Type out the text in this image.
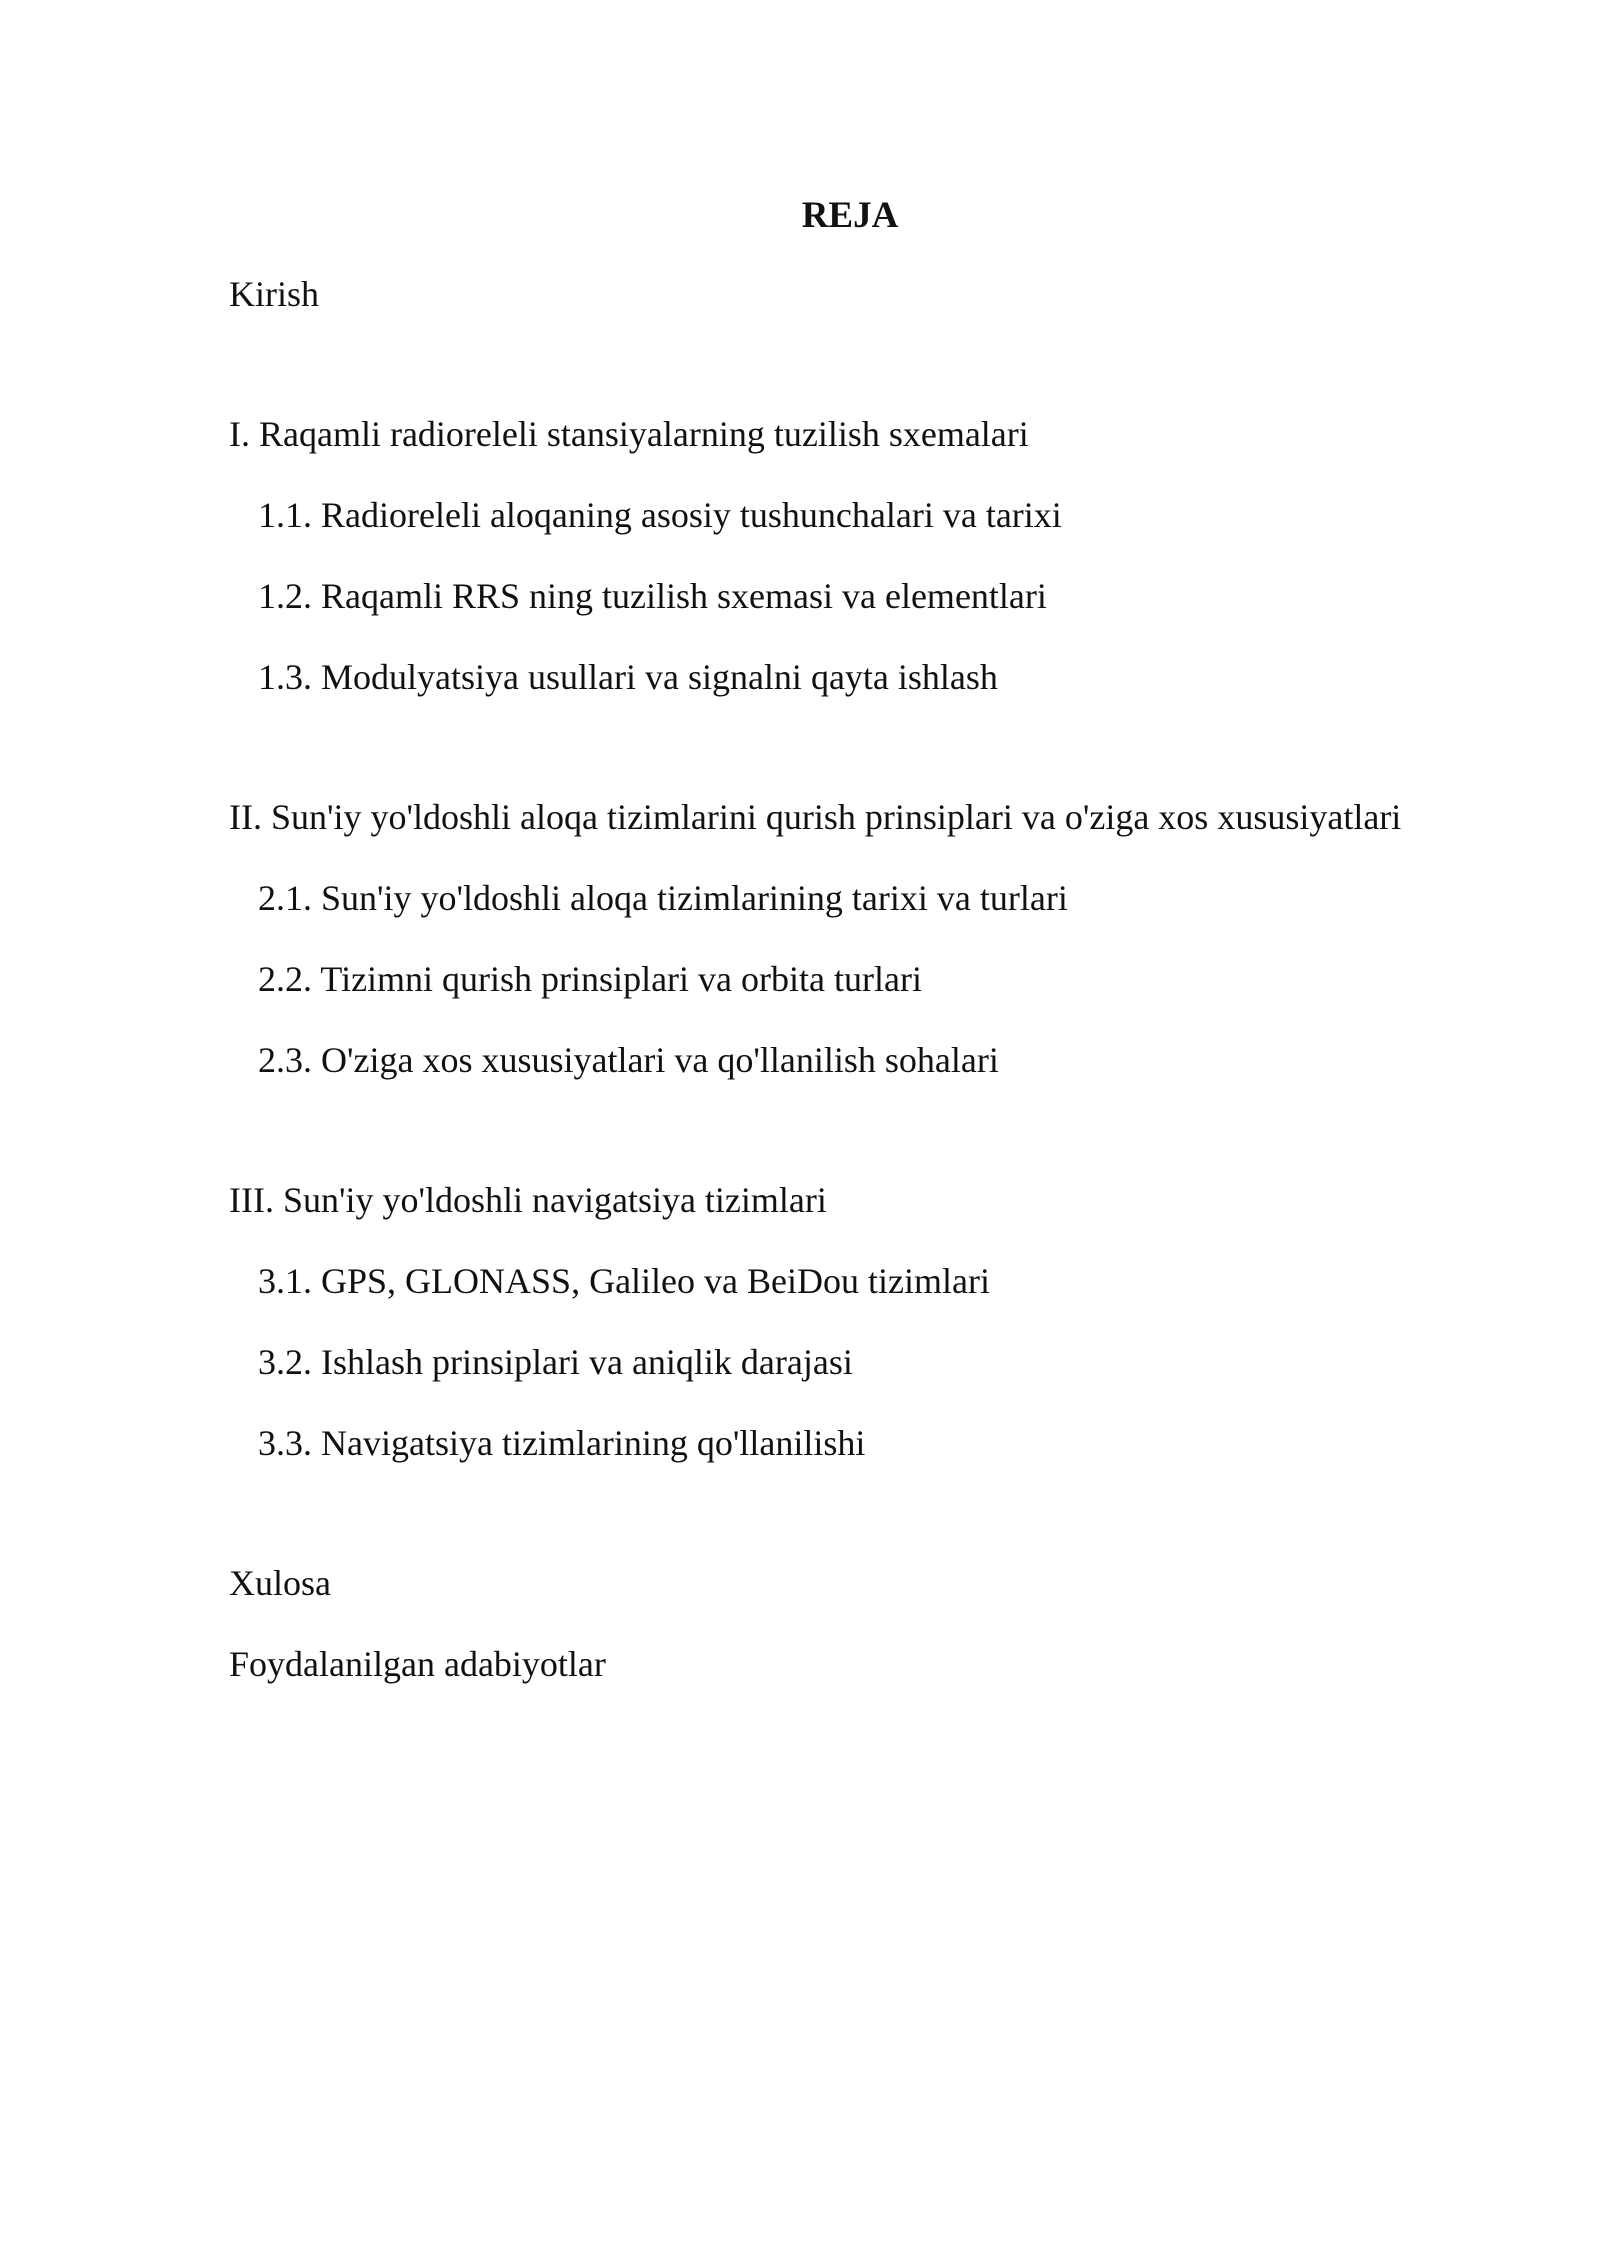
REJA
Kirish
I. Raqamli radioreleli stansiyalarning tuzilish sxemalari
1.1. Radioreleli aloqaning asosiy tushunchalari va tarixi
1.2. Raqamli RRS ning tuzilish sxemasi va elementlari
1.3. Modulyatsiya usullari va signalni qayta ishlash
II. Sun'iy yo'ldoshli aloqa tizimlarini qurish prinsiplari va o'ziga xos xususiyatlari
2.1. Sun'iy yo'ldoshli aloqa tizimlarining tarixi va turlari
2.2. Tizimni qurish prinsiplari va orbita turlari
2.3. O'ziga xos xususiyatlari va qo'llanilish sohalari
III. Sun'iy yo'ldoshli navigatsiya tizimlari
3.1. GPS, GLONASS, Galileo va BeiDou tizimlari
3.2. Ishlash prinsiplari va aniqlik darajasi
3.3. Navigatsiya tizimlarining qo'llanilishi
Xulosa
Foydalanilgan adabiyotlar
